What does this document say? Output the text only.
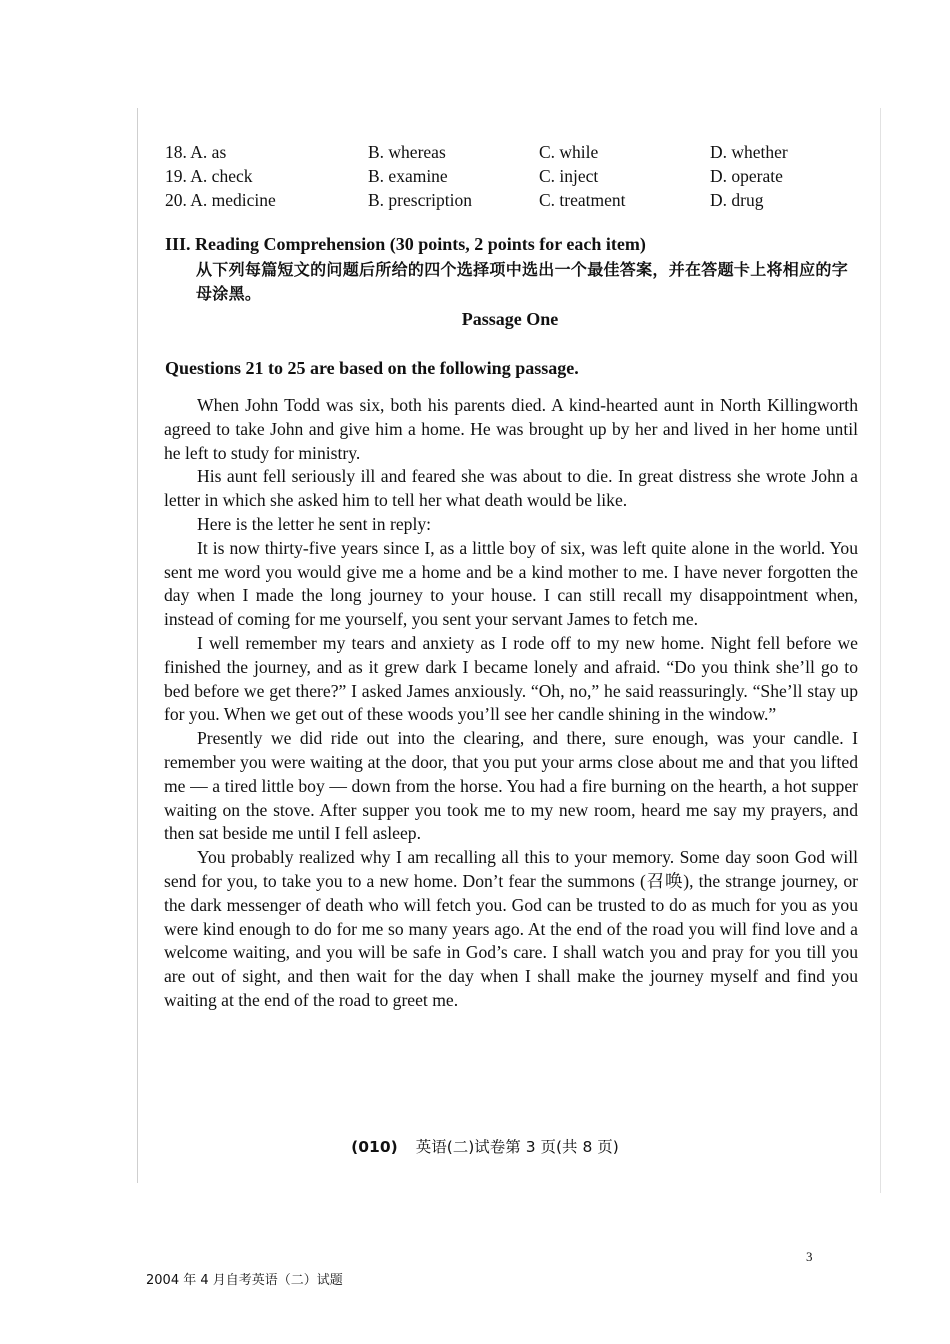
18. A. as	B. whereas	C. while	D. whether
19. A. check	B. examine	C. inject	D. operate
20. A. medicine	B. prescription	C. treatment	D. drug
III. Reading Comprehension (30 points, 2 points for each item)
从下列每篇短文的问题后所给的四个选择项中选出一个最佳答案，并在答题卡上将相应的字母涂黑。
Passage One
Questions 21 to 25 are based on the following passage.

When John Todd was six, both his parents died. A kind-hearted aunt in North Killingworth agreed to take John and give him a home. He was brought up by her and lived in her home until he left to study for ministry.

His aunt fell seriously ill and feared she was about to die. In great distress she wrote John a letter in which she asked him to tell her what death would be like.

Here is the letter he sent in reply:

It is now thirty-five years since I, as a little boy of six, was left quite alone in the world. You sent me word you would give me a home and be a kind mother to me. I have never forgotten the day when I made the long journey to your house. I can still recall my disappointment when, instead of coming for me yourself, you sent your servant James to fetch me.

I well remember my tears and anxiety as I rode off to my new home. Night fell before we finished the journey, and as it grew dark I became lonely and afraid. “Do you think she’ll go to bed before we get there?” I asked James anxiously. “Oh, no,” he said reassuringly. “She’ll stay up for you. When we get out of these woods you’ll see her candle shining in the window.”

Presently we did ride out into the clearing, and there, sure enough, was your candle. I remember you were waiting at the door, that you put your arms close about me and that you lifted me — a tired little boy — down from the horse. You had a fire burning on the hearth, a hot supper waiting on the stove. After supper you took me to my new room, heard me say my prayers, and then sat beside me until I fell asleep.

You probably realized why I am recalling all this to your memory. Some day soon God will send for you, to take you to a new home. Don’t fear the summons (召唤), the strange journey, or the dark messenger of death who will fetch you. God can be trusted to do as much for you as you were kind enough to do for me so many years ago. At the end of the road you will find love and a welcome waiting, and you will be safe in God’s care. I shall watch you and pray for you till you are out of sight, and then wait for the day when I shall make the journey myself and find you waiting at the end of the road to greet me.

(010) 英语(二)试卷第 3 页(共 8 页)
3
2004 年 4 月自考英语（二）试题
